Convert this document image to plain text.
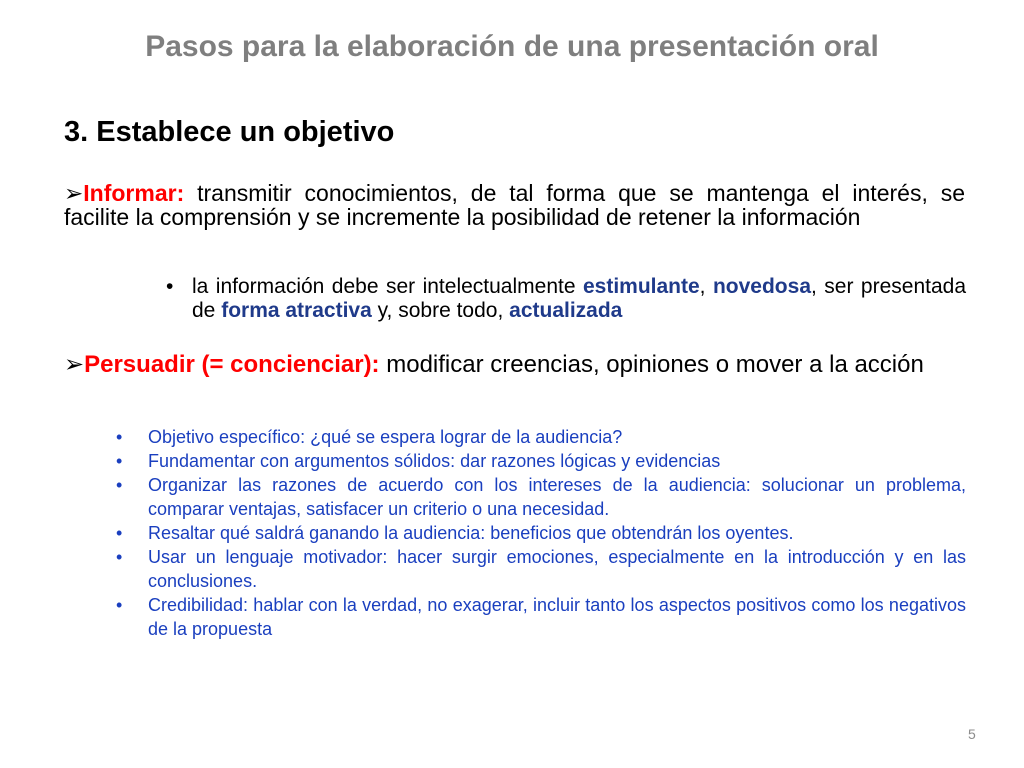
Pasos para la elaboración de una presentación oral
3. Establece un objetivo
➢Informar: transmitir conocimientos, de tal forma que se mantenga el interés, se facilite la comprensión y se incremente la posibilidad de retener la información
• la información debe ser intelectualmente estimulante, novedosa, ser presentada de forma atractiva y, sobre todo, actualizada
➢Persuadir (= concienciar): modificar creencias, opiniones o mover a la acción
• Objetivo específico: ¿qué se espera lograr de la audiencia?
• Fundamentar con argumentos sólidos: dar razones lógicas y evidencias
• Organizar las razones de acuerdo con los intereses de la audiencia: solucionar un problema, comparar ventajas, satisfacer un criterio o una necesidad.
• Resaltar qué saldrá ganando la audiencia: beneficios que obtendrán los oyentes.
• Usar un lenguaje motivador: hacer surgir emociones, especialmente en la introducción y en las conclusiones.
• Credibilidad: hablar con la verdad, no exagerar, incluir tanto los aspectos positivos como los negativos de la propuesta
5
